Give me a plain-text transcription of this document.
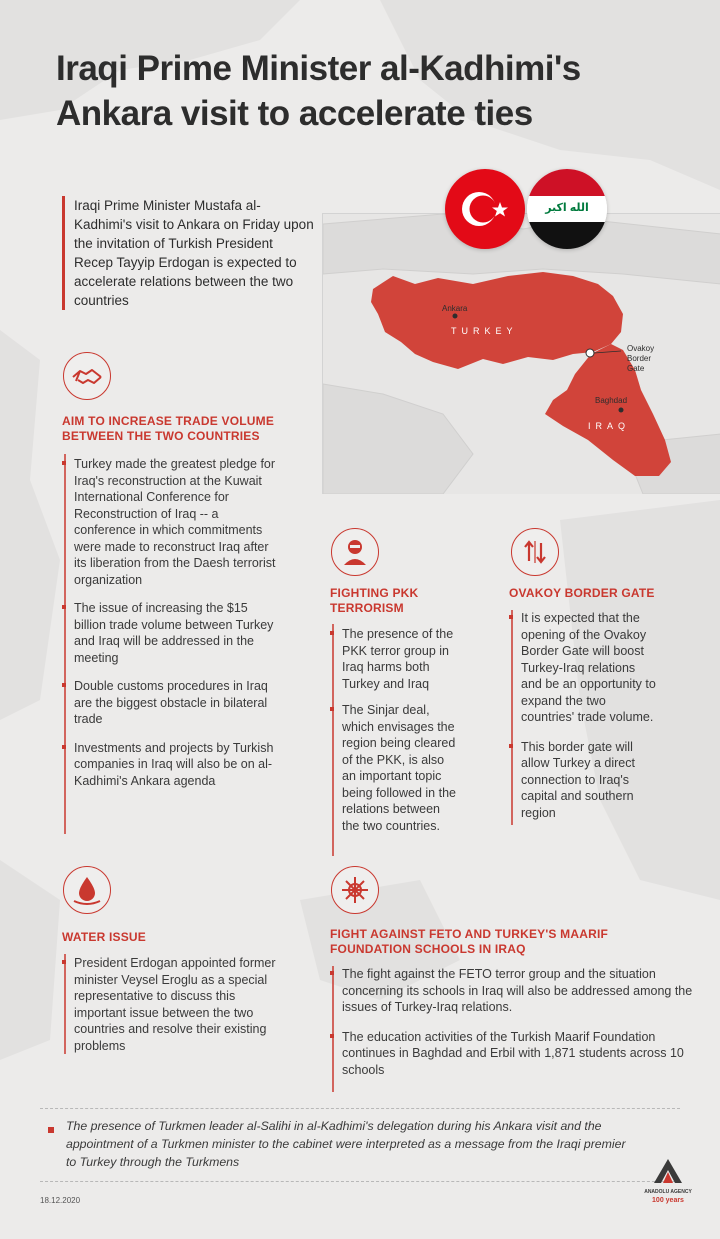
Iraqi Prime Minister al-Kadhimi's
Ankara visit to accelerate ties

Iraqi Prime Minister Mustafa al-Kadhimi's visit to Ankara on Friday upon the invitation of Turkish President Recep Tayyip Erdogan is expected to accelerate relations between the two countries

Ankara
Baghdad
TURKEY
IRAQ
Ovakoy Border Gate
الله اكبر
AIM TO INCREASE TRADE VOLUME BETWEEN THE TWO COUNTRIES
Turkey made the greatest pledge for Iraq's reconstruction at the Kuwait International Conference for Reconstruction of Iraq -- a conference in which commitments were made to reconstruct Iraq after its liberation from the Daesh terrorist organization
The issue of increasing the $15 billion trade volume between Turkey and Iraq will be addressed in the meeting
Double customs procedures in Iraq are the biggest obstacle in bilateral trade
Investments and projects by Turkish companies in Iraq will also be on al-Kadhimi's Ankara agenda
FIGHTING PKK TERRORISM
The presence of the PKK terror group in Iraq harms both Turkey and Iraq
The Sinjar deal, which envisages the region being cleared of the PKK, is also an important topic being followed in the relations between the two countries.
OVAKOY BORDER GATE
It is expected that the opening of the Ovakoy Border Gate will boost Turkey-Iraq relations and be an opportunity to expand the two countries' trade volume.
This border gate will allow Turkey a direct connection to Iraq's capital and southern region
WATER ISSUE
President Erdogan appointed former minister Veysel Eroglu as a special representative to discuss this important issue between the two countries and resolve their existing problems
FIGHT AGAINST FETO AND TURKEY'S MAARIF FOUNDATION SCHOOLS IN IRAQ
The fight against the FETO terror group and the situation concerning its schools in Iraq will also be addressed among the issues of Turkey-Iraq relations.
The education activities of the Turkish Maarif Foundation continues in Baghdad and Erbil with 1,871 students across 10 schools
The presence of Turkmen leader al-Salihi in al-Kadhimi's delegation during his Ankara visit and the appointment of a Turkmen minister to the cabinet were interpreted as a message from the Iraqi premier to Turkey through the Turkmens
18.12.2020
ANADOLU AGENCY
100 years
